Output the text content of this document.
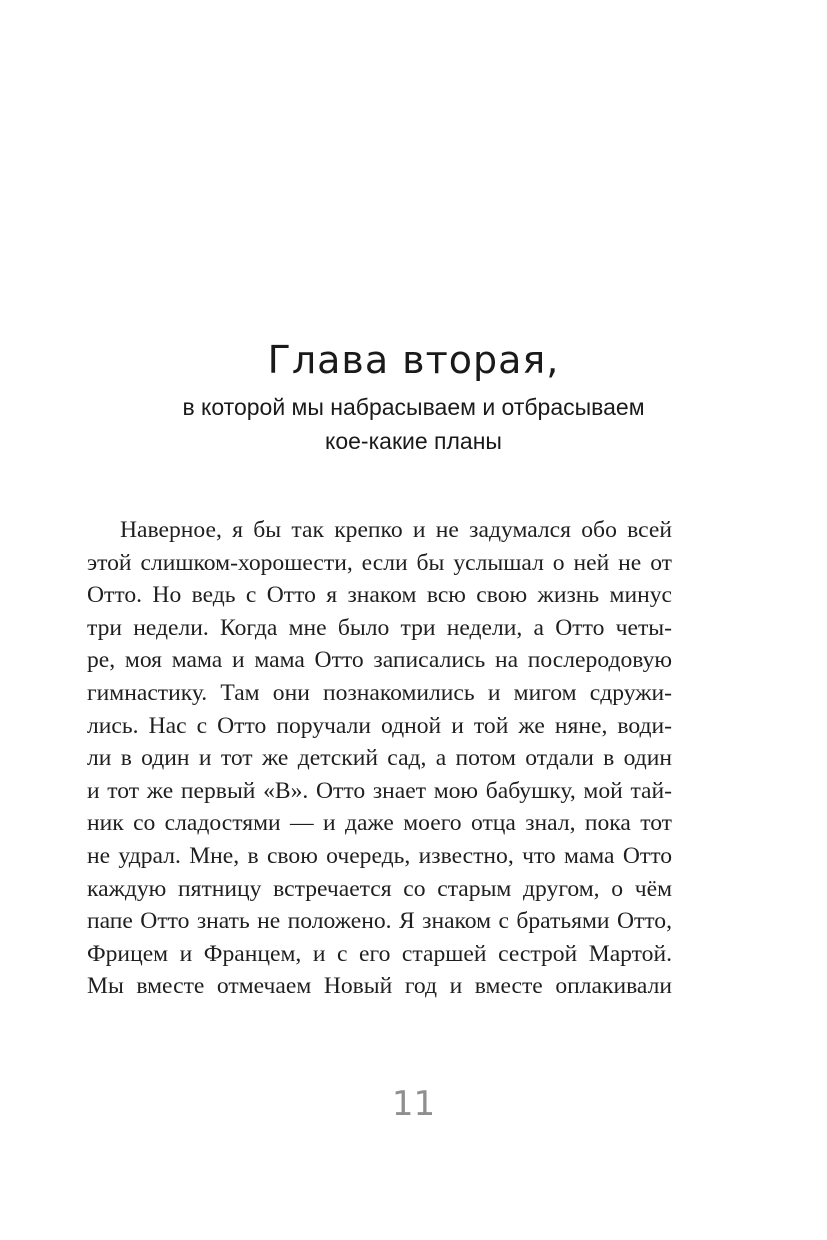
Глава вторая,
в которой мы набрасываем и отбрасываем
кое-какие планы
Наверное, я бы так крепко и не задумался обо всей
этой слишком-хорошести, если бы услышал о ней не от
Отто. Но ведь с Отто я знаком всю свою жизнь минус
три недели. Когда мне было три недели, а Отто четы-
ре, моя мама и мама Отто записались на послеродовую
гимнастику. Там они познакомились и мигом сдружи-
лись. Нас с Отто поручали одной и той же няне, води-
ли в один и тот же детский сад, а потом отдали в один
и тот же первый «В». Отто знает мою бабушку, мой тай-
ник со сладостями — и даже моего отца знал, пока тот
не удрал. Мне, в свою очередь, известно, что мама Отто
каждую пятницу встречается со старым другом, о чём
папе Отто знать не положено. Я знаком с братьями Отто,
Фрицем и Францем, и с его старшей сестрой Мартой.
Мы вместе отмечаем Новый год и вместе оплакивали
11
